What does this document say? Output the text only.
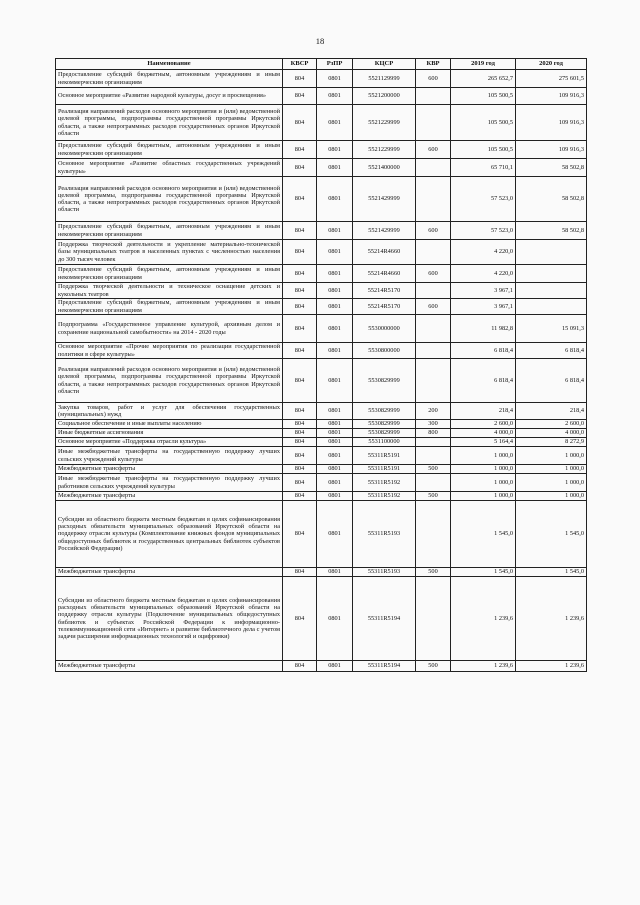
18
Наименование	КВСР	РзПР	КЦСР	КВР	2019 год	2020 год
Предоставление субсидий бюджетным, автономным учреждениям и иным некоммерческим организациям	804	0801	5521129999	600	265 652,7	275 601,5
Основное мероприятие «Развитие народной культуры, досуг и просвещения»	804	0801	5521200000		105 500,5	109 916,3
Реализация направлений расходов основного мероприятия и (или) ведомственной целевой программы, подпрограммы государственной программы Иркутской области, а также непрограммных расходов государственных органов Иркутской области	804	0801	5521229999		105 500,5	109 916,3
Предоставление субсидий бюджетным, автономным учреждениям и иным некоммерческим организациям	804	0801	5521229999	600	105 500,5	109 916,3
Основное мероприятие «Развитие областных государственных учреждений культуры»	804	0801	5521400000		65 710,1	58 502,8
Реализация направлений расходов основного мероприятия и (или) ведомственной целевой программы, подпрограммы государственной программы Иркутской области, а также непрограммных расходов государственных органов Иркутской области	804	0801	5521429999		57 523,0	58 502,8
Предоставление субсидий бюджетным, автономным учреждениям и иным некоммерческим организациям	804	0801	5521429999	600	57 523,0	58 502,8
Поддержка творческой деятельности и укрепление материально-технической базы муниципальных театров в населенных пунктах с численностью населения до 300 тысяч человек	804	0801	55214R4660		4 220,0	
Предоставление субсидий бюджетным, автономным учреждениям и иным некоммерческим организациям	804	0801	55214R4660	600	4 220,0	
Поддержка творческой деятельности и техническое оснащение детских и кукольных театров	804	0801	55214R5170		3 967,1	
Предоставление субсидий бюджетным, автономным учреждениям и иным некоммерческим организациям	804	0801	55214R5170	600	3 967,1	
Подпрограмма «Государственное управление культурой, архивным делом и сохранение национальной самобытности» на 2014 - 2020 годы	804	0801	5530000000		11 982,8	15 091,3
Основное мероприятие «Прочие мероприятия по реализации государственной политики в сфере культуры»	804	0801	5530800000		6 818,4	6 818,4
Реализация направлений расходов основного мероприятия и (или) ведомственной целевой программы, подпрограммы государственной программы Иркутской области, а также непрограммных расходов государственных органов Иркутской области	804	0801	5530829999		6 818,4	6 818,4
Закупка товаров, работ и услуг для обеспечения государственных (муниципальных) нужд	804	0801	5530829999	200	218,4	218,4
Социальное обеспечение и иные выплаты населению	804	0801	5530829999	300	2 600,0	2 600,0
Иные бюджетные ассигнования	804	0801	5530829999	800	4 000,0	4 000,0
Основное мероприятие «Поддержка отрасли культура»	804	0801	5531100000		5 164,4	8 272,9
Иные межбюджетные трансферты на государственную поддержку лучших сельских учреждений культуры	804	0801	55311R5191		1 000,0	1 000,0
Межбюджетные трансферты	804	0801	55311R5191	500	1 000,0	1 000,0
Иные межбюджетные трансферты на государственную поддержку лучших работников сельских учреждений культуры	804	0801	55311R5192		1 000,0	1 000,0
Межбюджетные трансферты	804	0801	55311R5192	500	1 000,0	1 000,0
Субсидии из областного бюджета местным бюджетам в целях софинансирования расходных обязательств муниципальных образований Иркутской области на поддержку отрасли культуры (Комплектование книжных фондов муниципальных общедоступных библиотек и государственных центральных библиотек субъектов Российской Федерации)	804	0801	55311R5193		1 545,0	1 545,0
Межбюджетные трансферты	804	0801	55311R5193	500	1 545,0	1 545,0
Субсидии из областного бюджета местным бюджетам в целях софинансирования расходных обязательств муниципальных образований Иркутской области на поддержку отрасли культуры (Подключение муниципальных общедоступных библиотек и субъектах Российской Федерации к информационно-телекоммуникационной сети «Интернет» и развитие библиотечного дела с учетом задачи расширения информационных технологий и оцифровки)	804	0801	55311R5194		1 239,6	1 239,6
Межбюджетные трансферты	804	0801	55311R5194	500	1 239,6	1 239,6
